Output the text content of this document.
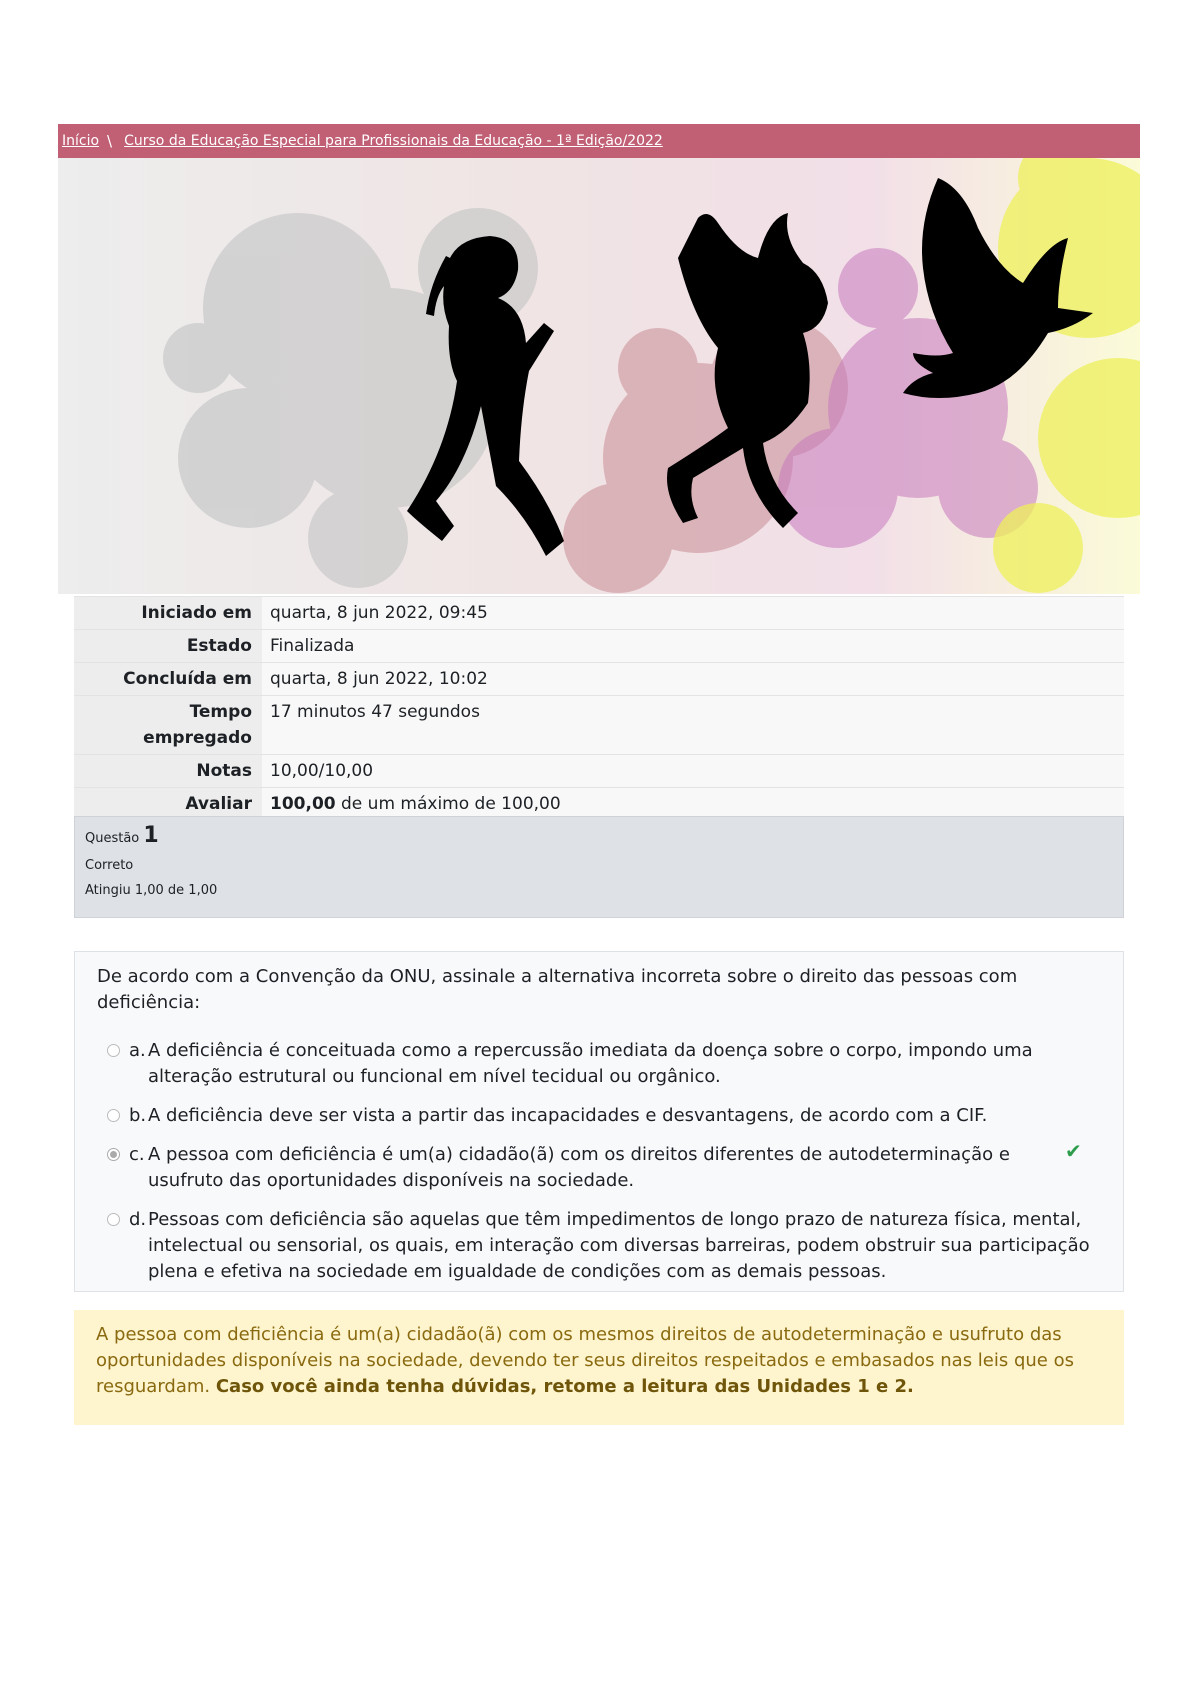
Início \ Curso da Educação Especial para Profissionais da Educação - 1ª Edição/2022
Iniciado em	quarta, 8 jun 2022, 09:45
Estado	Finalizada
Concluída em	quarta, 8 jun 2022, 10:02
Tempo empregado	17 minutos 47 segundos
Notas	10,00/10,00
Avaliar	100,00 de um máximo de 100,00
Questão 1
Correto
Atingiu 1,00 de 1,00
De acordo com a Convenção da ONU, assinale a alternativa incorreta sobre o direito das pessoas com deficiência:
a. A deficiência é conceituada como a repercussão imediata da doença sobre o corpo, impondo uma alteração estrutural ou funcional em nível tecidual ou orgânico.
b. A deficiência deve ser vista a partir das incapacidades e desvantagens, de acordo com a CIF.
c. A pessoa com deficiência é um(a) cidadão(ã) com os direitos diferentes de autodeterminação e usufruto das oportunidades disponíveis na sociedade.
✔
d. Pessoas com deficiência são aquelas que têm impedimentos de longo prazo de natureza física, mental, intelectual ou sensorial, os quais, em interação com diversas barreiras, podem obstruir sua participação plena e efetiva na sociedade em igualdade de condições com as demais pessoas.
A pessoa com deficiência é um(a) cidadão(ã) com os mesmos direitos de autodeterminação e usufruto das oportunidades disponíveis na sociedade, devendo ter seus direitos respeitados e embasados nas leis que os resguardam. Caso você ainda tenha dúvidas, retome a leitura das Unidades 1 e 2.
